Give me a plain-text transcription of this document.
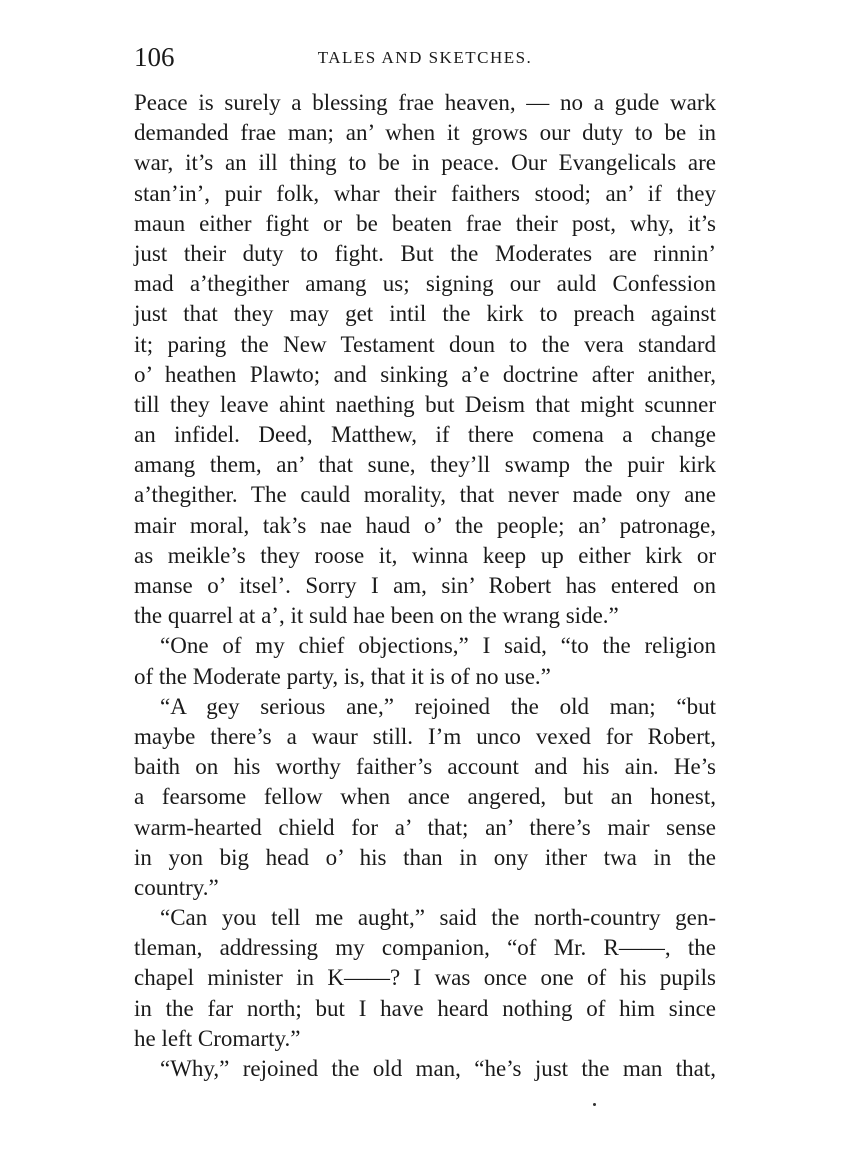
106	TALES AND SKETCHES.
Peace is surely a blessing frae heaven, — no a gude wark
demanded frae man; an’ when it grows our duty to be in
war, it’s an ill thing to be in peace. Our Evangelicals are
stan’in’, puir folk, whar their faithers stood; an’ if they
maun either fight or be beaten frae their post, why, it’s
just their duty to fight. But the Moderates are rinnin’
mad a’thegither amang us; signing our auld Confession
just that they may get intil the kirk to preach against
it; paring the New Testament doun to the vera standard
o’ heathen Plawto; and sinking a’e doctrine after anither,
till they leave ahint naething but Deism that might scunner
an infidel. Deed, Matthew, if there comena a change
amang them, an’ that sune, they’ll swamp the puir kirk
a’thegither. The cauld morality, that never made ony ane
mair moral, tak’s nae haud o’ the people; an’ patronage,
as meikle’s they roose it, winna keep up either kirk or
manse o’ itsel’. Sorry I am, sin’ Robert has entered on
the quarrel at a’, it suld hae been on the wrang side.”
“One of my chief objections,” I said, “to the religion
of the Moderate party, is, that it is of no use.”
“A gey serious ane,” rejoined the old man; “but
maybe there’s a waur still. I’m unco vexed for Robert,
baith on his worthy faither’s account and his ain. He’s
a fearsome fellow when ance angered, but an honest,
warm-hearted chield for a’ that; an’ there’s mair sense
in yon big head o’ his than in ony ither twa in the
country.”
“Can you tell me aught,” said the north-country gen-
tleman, addressing my companion, “of Mr. R——, the
chapel minister in K——? I was once one of his pupils
in the far north; but I have heard nothing of him since
he left Cromarty.”
“Why,” rejoined the old man, “he’s just the man that,
